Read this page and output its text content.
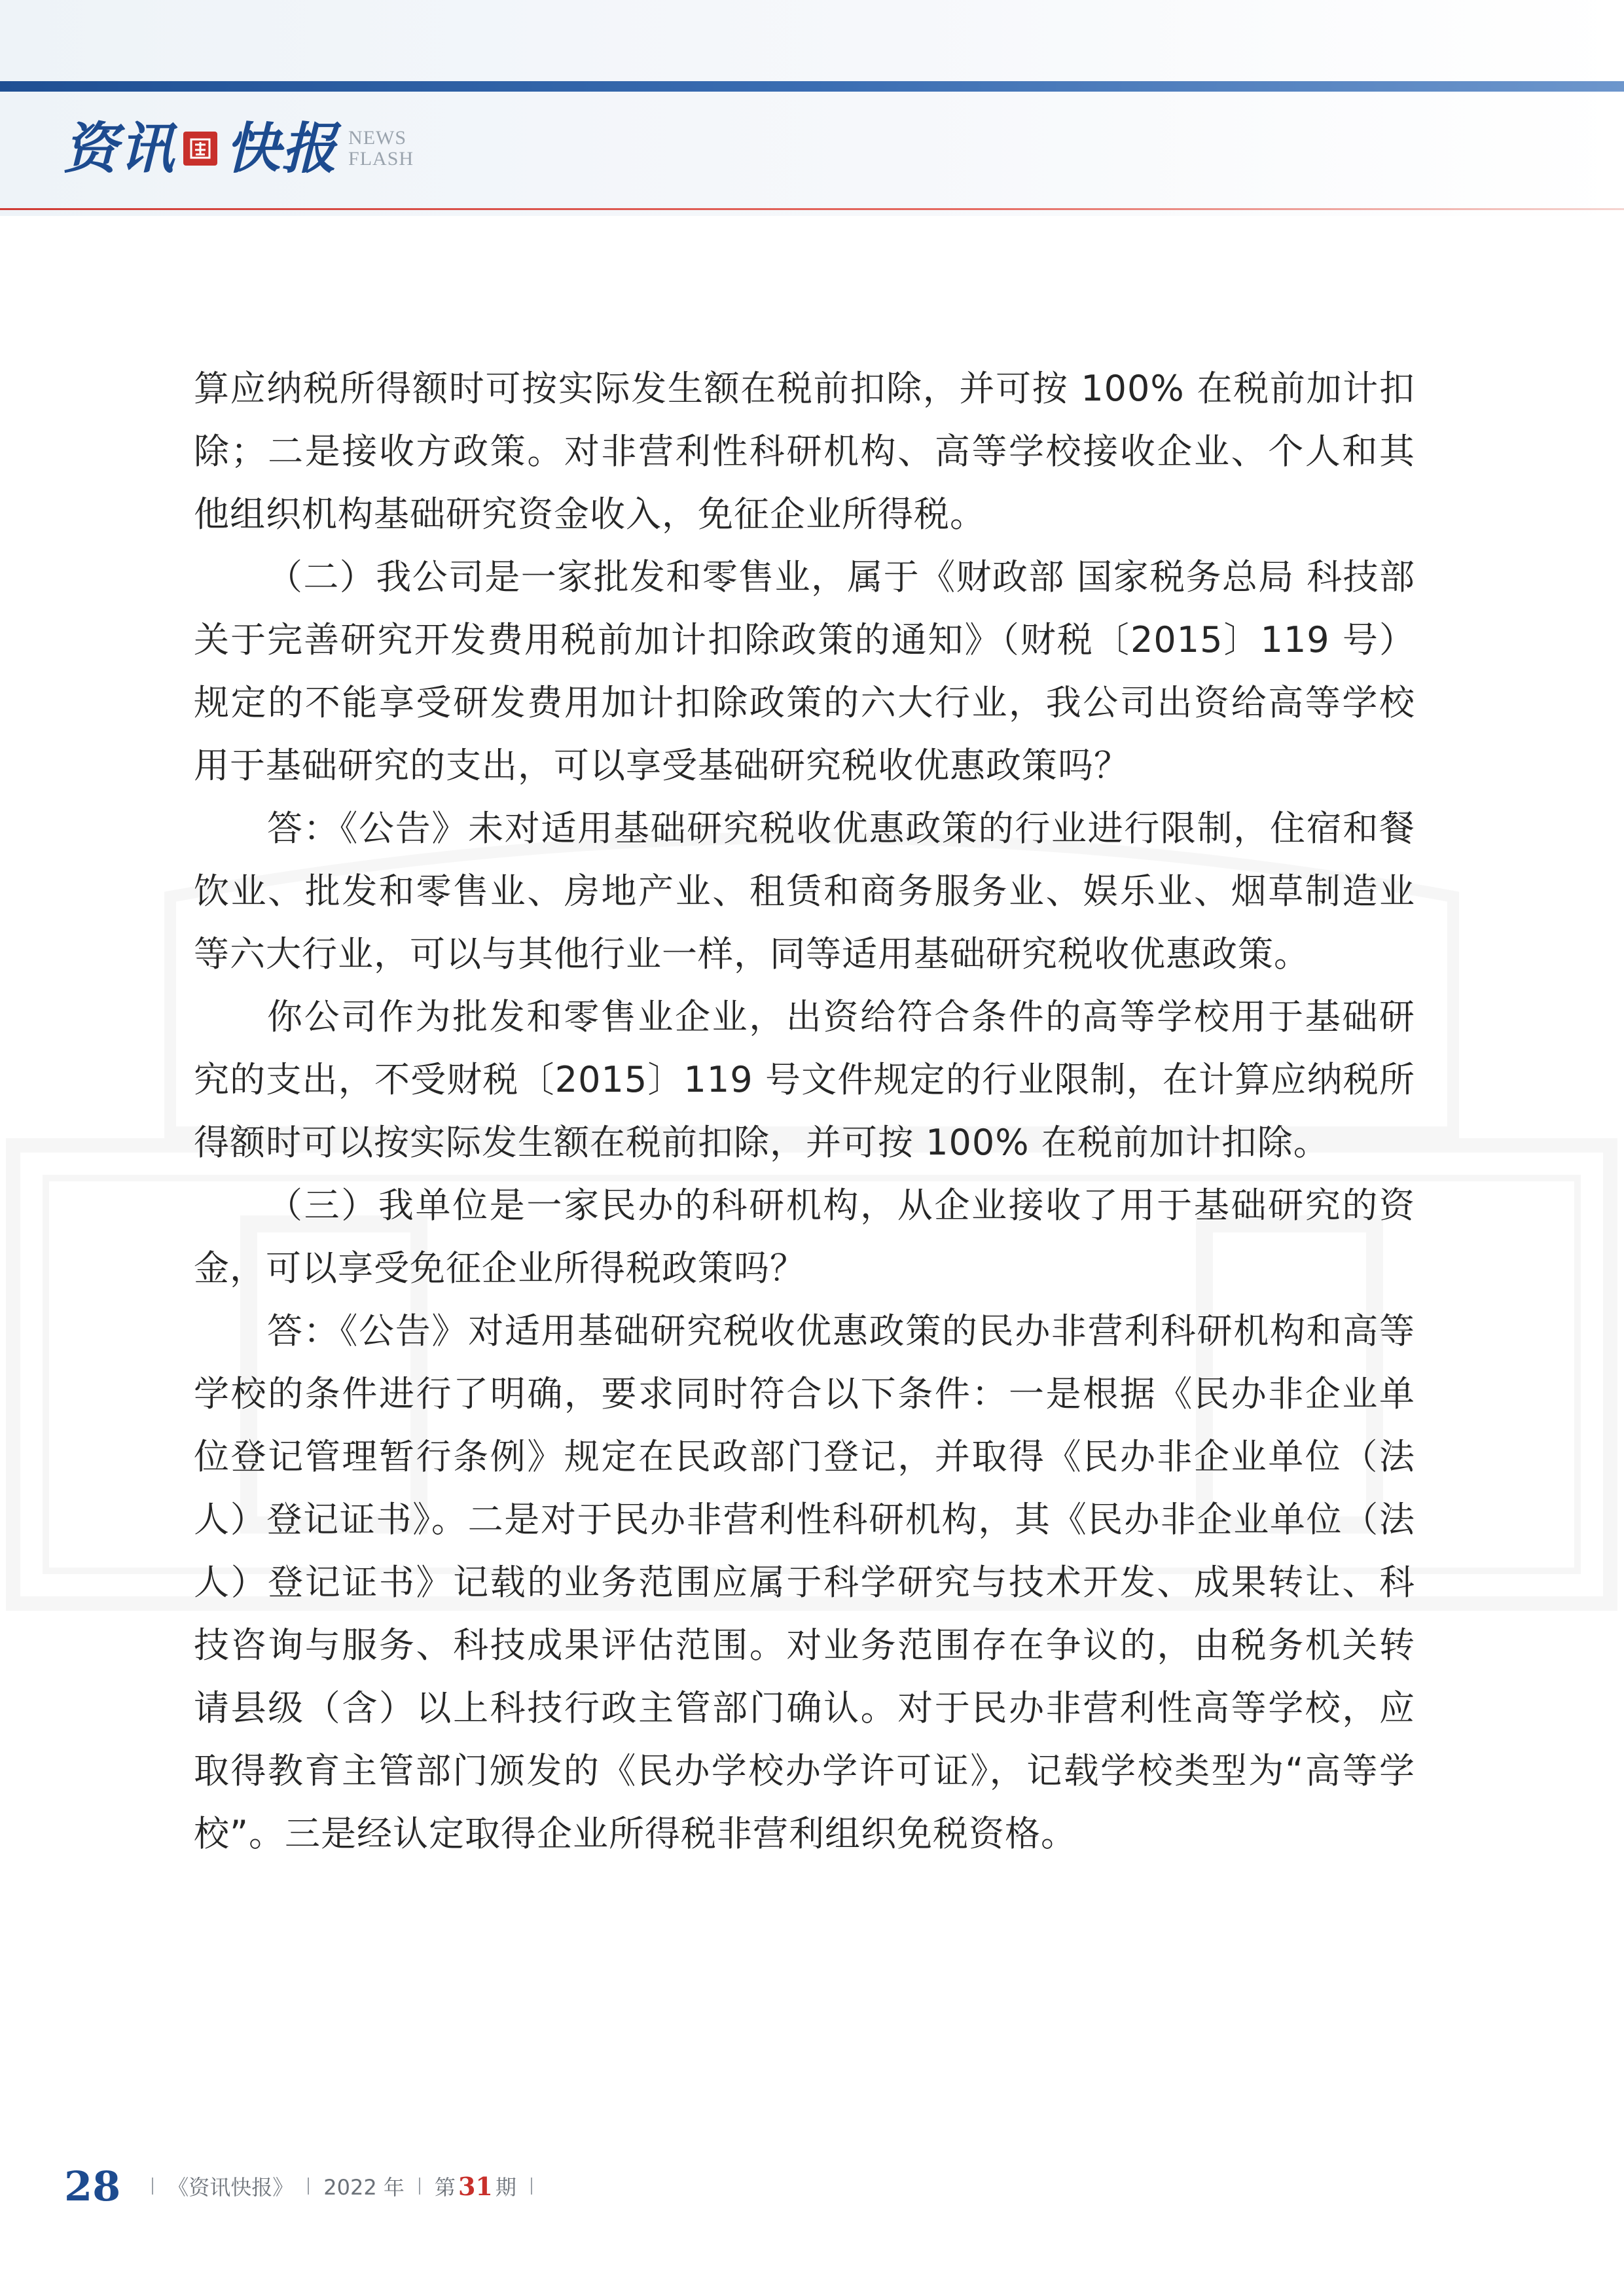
资讯 快报 NEWS
FLASH

算应纳税所得额时可按实际发生额在税前扣除，并可按 100% 在税前加计扣除；二是接收方政策。对非营利性科研机构、高等学校接收企业、个人和其他组织机构基础研究资金收入，免征企业所得税。

（二）我公司是一家批发和零售业，属于《财政部 国家税务总局 科技部关于完善研究开发费用税前加计扣除政策的通知》（财税〔2015〕119 号）规定的不能享受研发费用加计扣除政策的六大行业，我公司出资给高等学校用于基础研究的支出，可以享受基础研究税收优惠政策吗？

答：《公告》未对适用基础研究税收优惠政策的行业进行限制，住宿和餐饮业、批发和零售业、房地产业、租赁和商务服务业、娱乐业、烟草制造业等六大行业，可以与其他行业一样，同等适用基础研究税收优惠政策。

你公司作为批发和零售业企业，出资给符合条件的高等学校用于基础研究的支出，不受财税〔2015〕119 号文件规定的行业限制，在计算应纳税所得额时可以按实际发生额在税前扣除，并可按 100% 在税前加计扣除。

（三）我单位是一家民办的科研机构，从企业接收了用于基础研究的资金，可以享受免征企业所得税政策吗？

答：《公告》对适用基础研究税收优惠政策的民办非营利科研机构和高等学校的条件进行了明确，要求同时符合以下条件：一是根据《民办非企业单位登记管理暂行条例》规定在民政部门登记，并取得《民办非企业单位（法人）登记证书》。二是对于民办非营利性科研机构，其《民办非企业单位（法人）登记证书》记载的业务范围应属于科学研究与技术开发、成果转让、科技咨询与服务、科技成果评估范围。对业务范围存在争议的，由税务机关转请县级（含）以上科技行政主管部门确认。对于民办非营利性高等学校，应取得教育主管部门颁发的《民办学校办学许可证》，记载学校类型为“高等学校”。三是经认定取得企业所得税非营利组织免税资格。

28 《资讯快报》 2022 年 第 31 期
